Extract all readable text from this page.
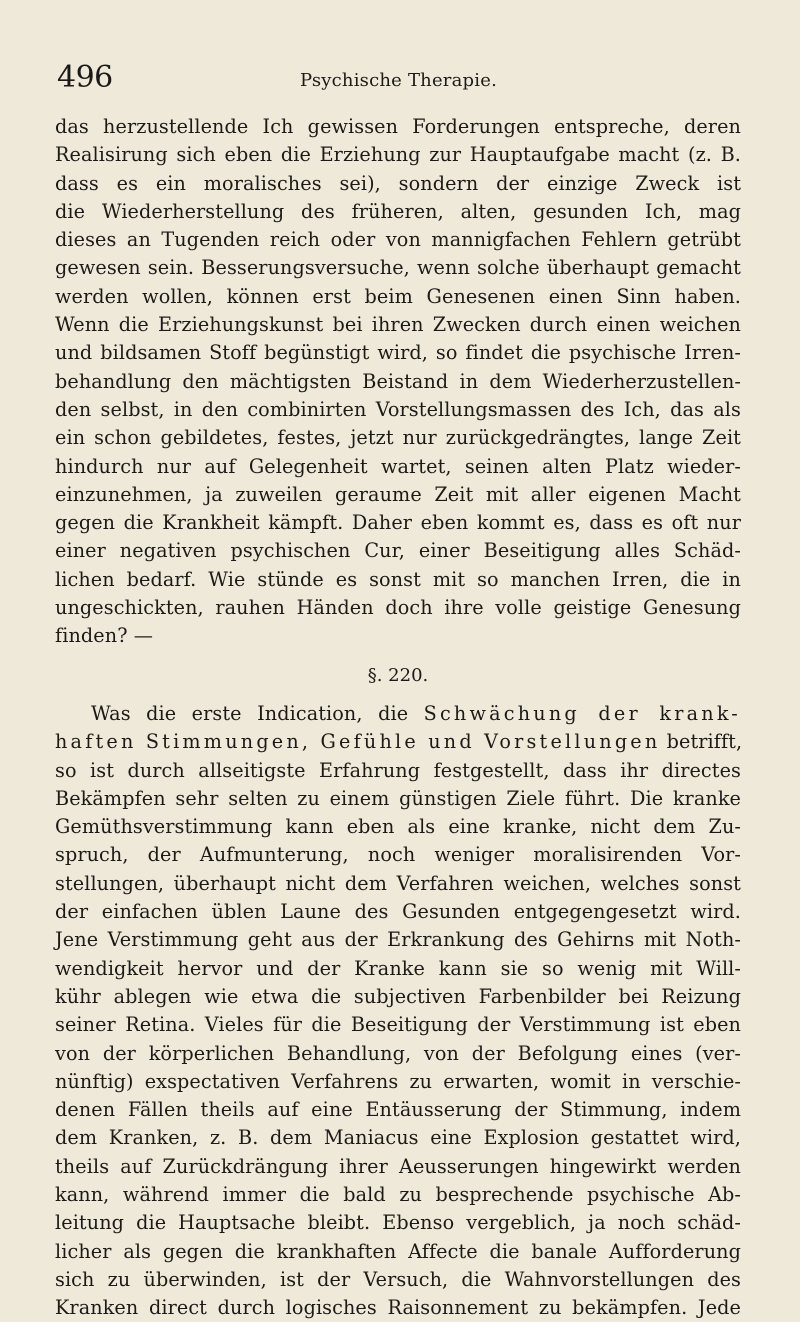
496	Psychische Therapie.
das herzustellende Ich gewissen Forderungen entspreche, deren
Realisirung sich eben die Erziehung zur Hauptaufgabe macht (z. B.
dass es ein moralisches sei), sondern der einzige Zweck ist
die Wiederherstellung des früheren, alten, gesunden Ich, mag
dieses an Tugenden reich oder von mannigfachen Fehlern getrübt
gewesen sein. Besserungsversuche, wenn solche überhaupt gemacht
werden wollen, können erst beim Genesenen einen Sinn haben.
Wenn die Erziehungskunst bei ihren Zwecken durch einen weichen
und bildsamen Stoff begünstigt wird, so findet die psychische Irren-
behandlung den mächtigsten Beistand in dem Wiederherzustellen-
den selbst, in den combinirten Vorstellungsmassen des Ich, das als
ein schon gebildetes, festes, jetzt nur zurückgedrängtes, lange Zeit
hindurch nur auf Gelegenheit wartet, seinen alten Platz wieder-
einzunehmen, ja zuweilen geraume Zeit mit aller eigenen Macht
gegen die Krankheit kämpft. Daher eben kommt es, dass es oft nur
einer negativen psychischen Cur, einer Beseitigung alles Schäd-
lichen bedarf. Wie stünde es sonst mit so manchen Irren, die in
ungeschickten, rauhen Händen doch ihre volle geistige Genesung
finden? —
§. 220.
Was die erste Indication, die Schwächung der krank-
haften Stimmungen, Gefühle und Vorstellungen betrifft,
so ist durch allseitigste Erfahrung festgestellt, dass ihr directes
Bekämpfen sehr selten zu einem günstigen Ziele führt. Die kranke
Gemüthsverstimmung kann eben als eine kranke, nicht dem Zu-
spruch, der Aufmunterung, noch weniger moralisirenden Vor-
stellungen, überhaupt nicht dem Verfahren weichen, welches sonst
der einfachen üblen Laune des Gesunden entgegengesetzt wird.
Jene Verstimmung geht aus der Erkrankung des Gehirns mit Noth-
wendigkeit hervor und der Kranke kann sie so wenig mit Will-
kühr ablegen wie etwa die subjectiven Farbenbilder bei Reizung
seiner Retina. Vieles für die Beseitigung der Verstimmung ist eben
von der körperlichen Behandlung, von der Befolgung eines (ver-
nünftig) exspectativen Verfahrens zu erwarten, womit in verschie-
denen Fällen theils auf eine Entäusserung der Stimmung, indem
dem Kranken, z. B. dem Maniacus eine Explosion gestattet wird,
theils auf Zurückdrängung ihrer Aeusserungen hingewirkt werden
kann, während immer die bald zu besprechende psychische Ab-
leitung die Hauptsache bleibt. Ebenso vergeblich, ja noch schäd-
licher als gegen die krankhaften Affecte die banale Aufforderung
sich zu überwinden, ist der Versuch, die Wahnvorstellungen des
Kranken direct durch logisches Raisonnement zu bekämpfen. Jede
